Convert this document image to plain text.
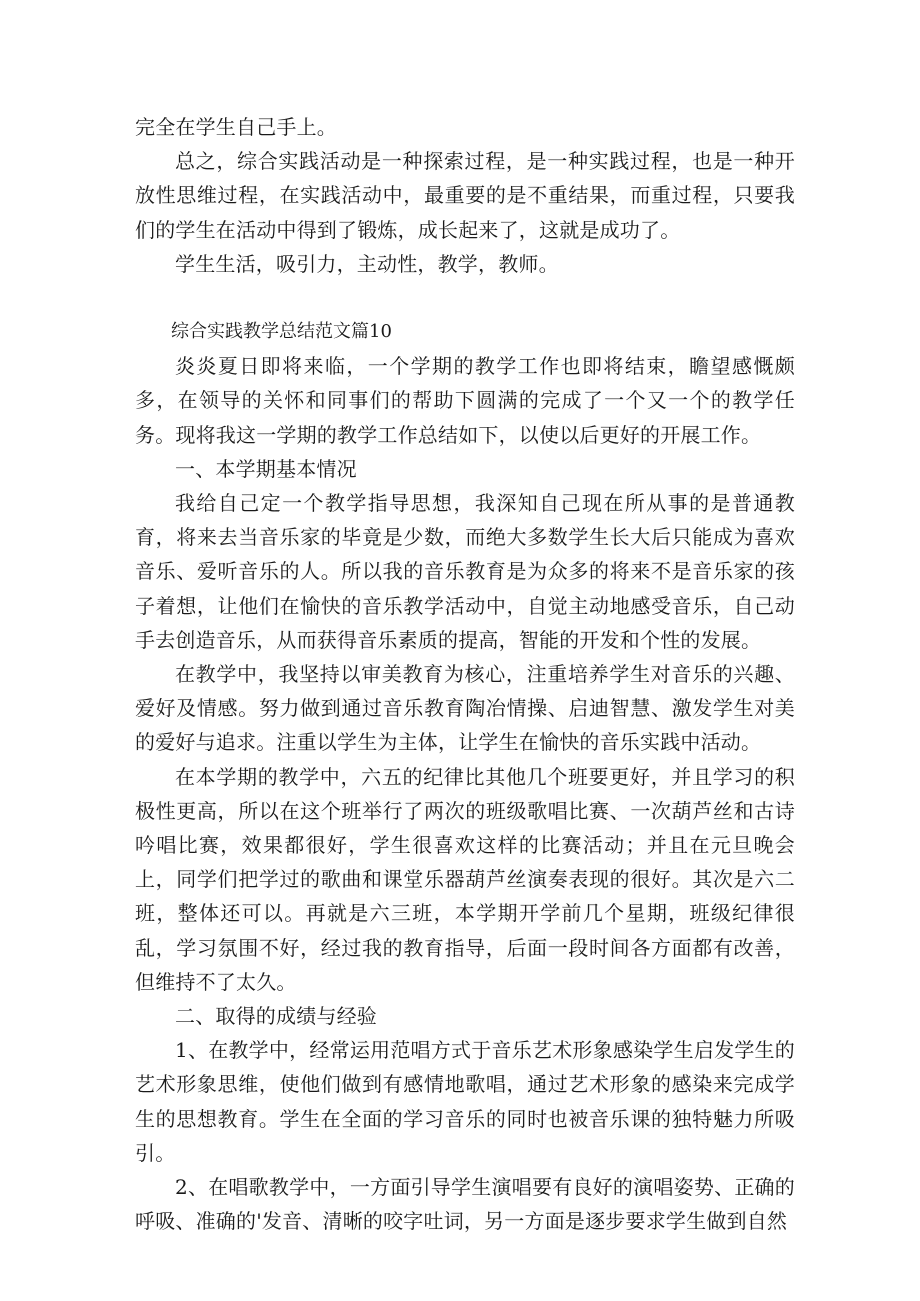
完全在学生自己手上。

总之，综合实践活动是一种探索过程，是一种实践过程，也是一种开放性思维过程，在实践活动中，最重要的是不重结果，而重过程，只要我们的学生在活动中得到了锻炼，成长起来了，这就是成功了。

学生生活，吸引力，主动性，教学，教师。

综合实践教学总结范文篇10

炎炎夏日即将来临，一个学期的教学工作也即将结束，瞻望感慨颇多，在领导的关怀和同事们的帮助下圆满的完成了一个又一个的教学任务。现将我这一学期的教学工作总结如下，以使以后更好的开展工作。

一、本学期基本情况

我给自己定一个教学指导思想，我深知自己现在所从事的是普通教育，将来去当音乐家的毕竟是少数，而绝大多数学生长大后只能成为喜欢音乐、爱听音乐的人。所以我的音乐教育是为众多的将来不是音乐家的孩子着想，让他们在愉快的音乐教学活动中，自觉主动地感受音乐，自己动手去创造音乐，从而获得音乐素质的提高，智能的开发和个性的发展。

在教学中，我坚持以审美教育为核心，注重培养学生对音乐的兴趣、爱好及情感。努力做到通过音乐教育陶冶情操、启迪智慧、激发学生对美的爱好与追求。注重以学生为主体，让学生在愉快的音乐实践中活动。

在本学期的教学中，六五的纪律比其他几个班要更好，并且学习的积极性更高，所以在这个班举行了两次的班级歌唱比赛、一次葫芦丝和古诗吟唱比赛，效果都很好，学生很喜欢这样的比赛活动；并且在元旦晚会上，同学们把学过的歌曲和课堂乐器葫芦丝演奏表现的很好。其次是六二班，整体还可以。再就是六三班，本学期开学前几个星期，班级纪律很乱，学习氛围不好，经过我的教育指导，后面一段时间各方面都有改善，但维持不了太久。

二、取得的成绩与经验

1、在教学中，经常运用范唱方式于音乐艺术形象感染学生启发学生的艺术形象思维，使他们做到有感情地歌唱，通过艺术形象的感染来完成学生的思想教育。学生在全面的学习音乐的同时也被音乐课的独特魅力所吸引。

2、在唱歌教学中，一方面引导学生演唱要有良好的演唱姿势、正确的呼吸、准确的'发音、清晰的咬字吐词，另一方面是逐步要求学生做到自然
